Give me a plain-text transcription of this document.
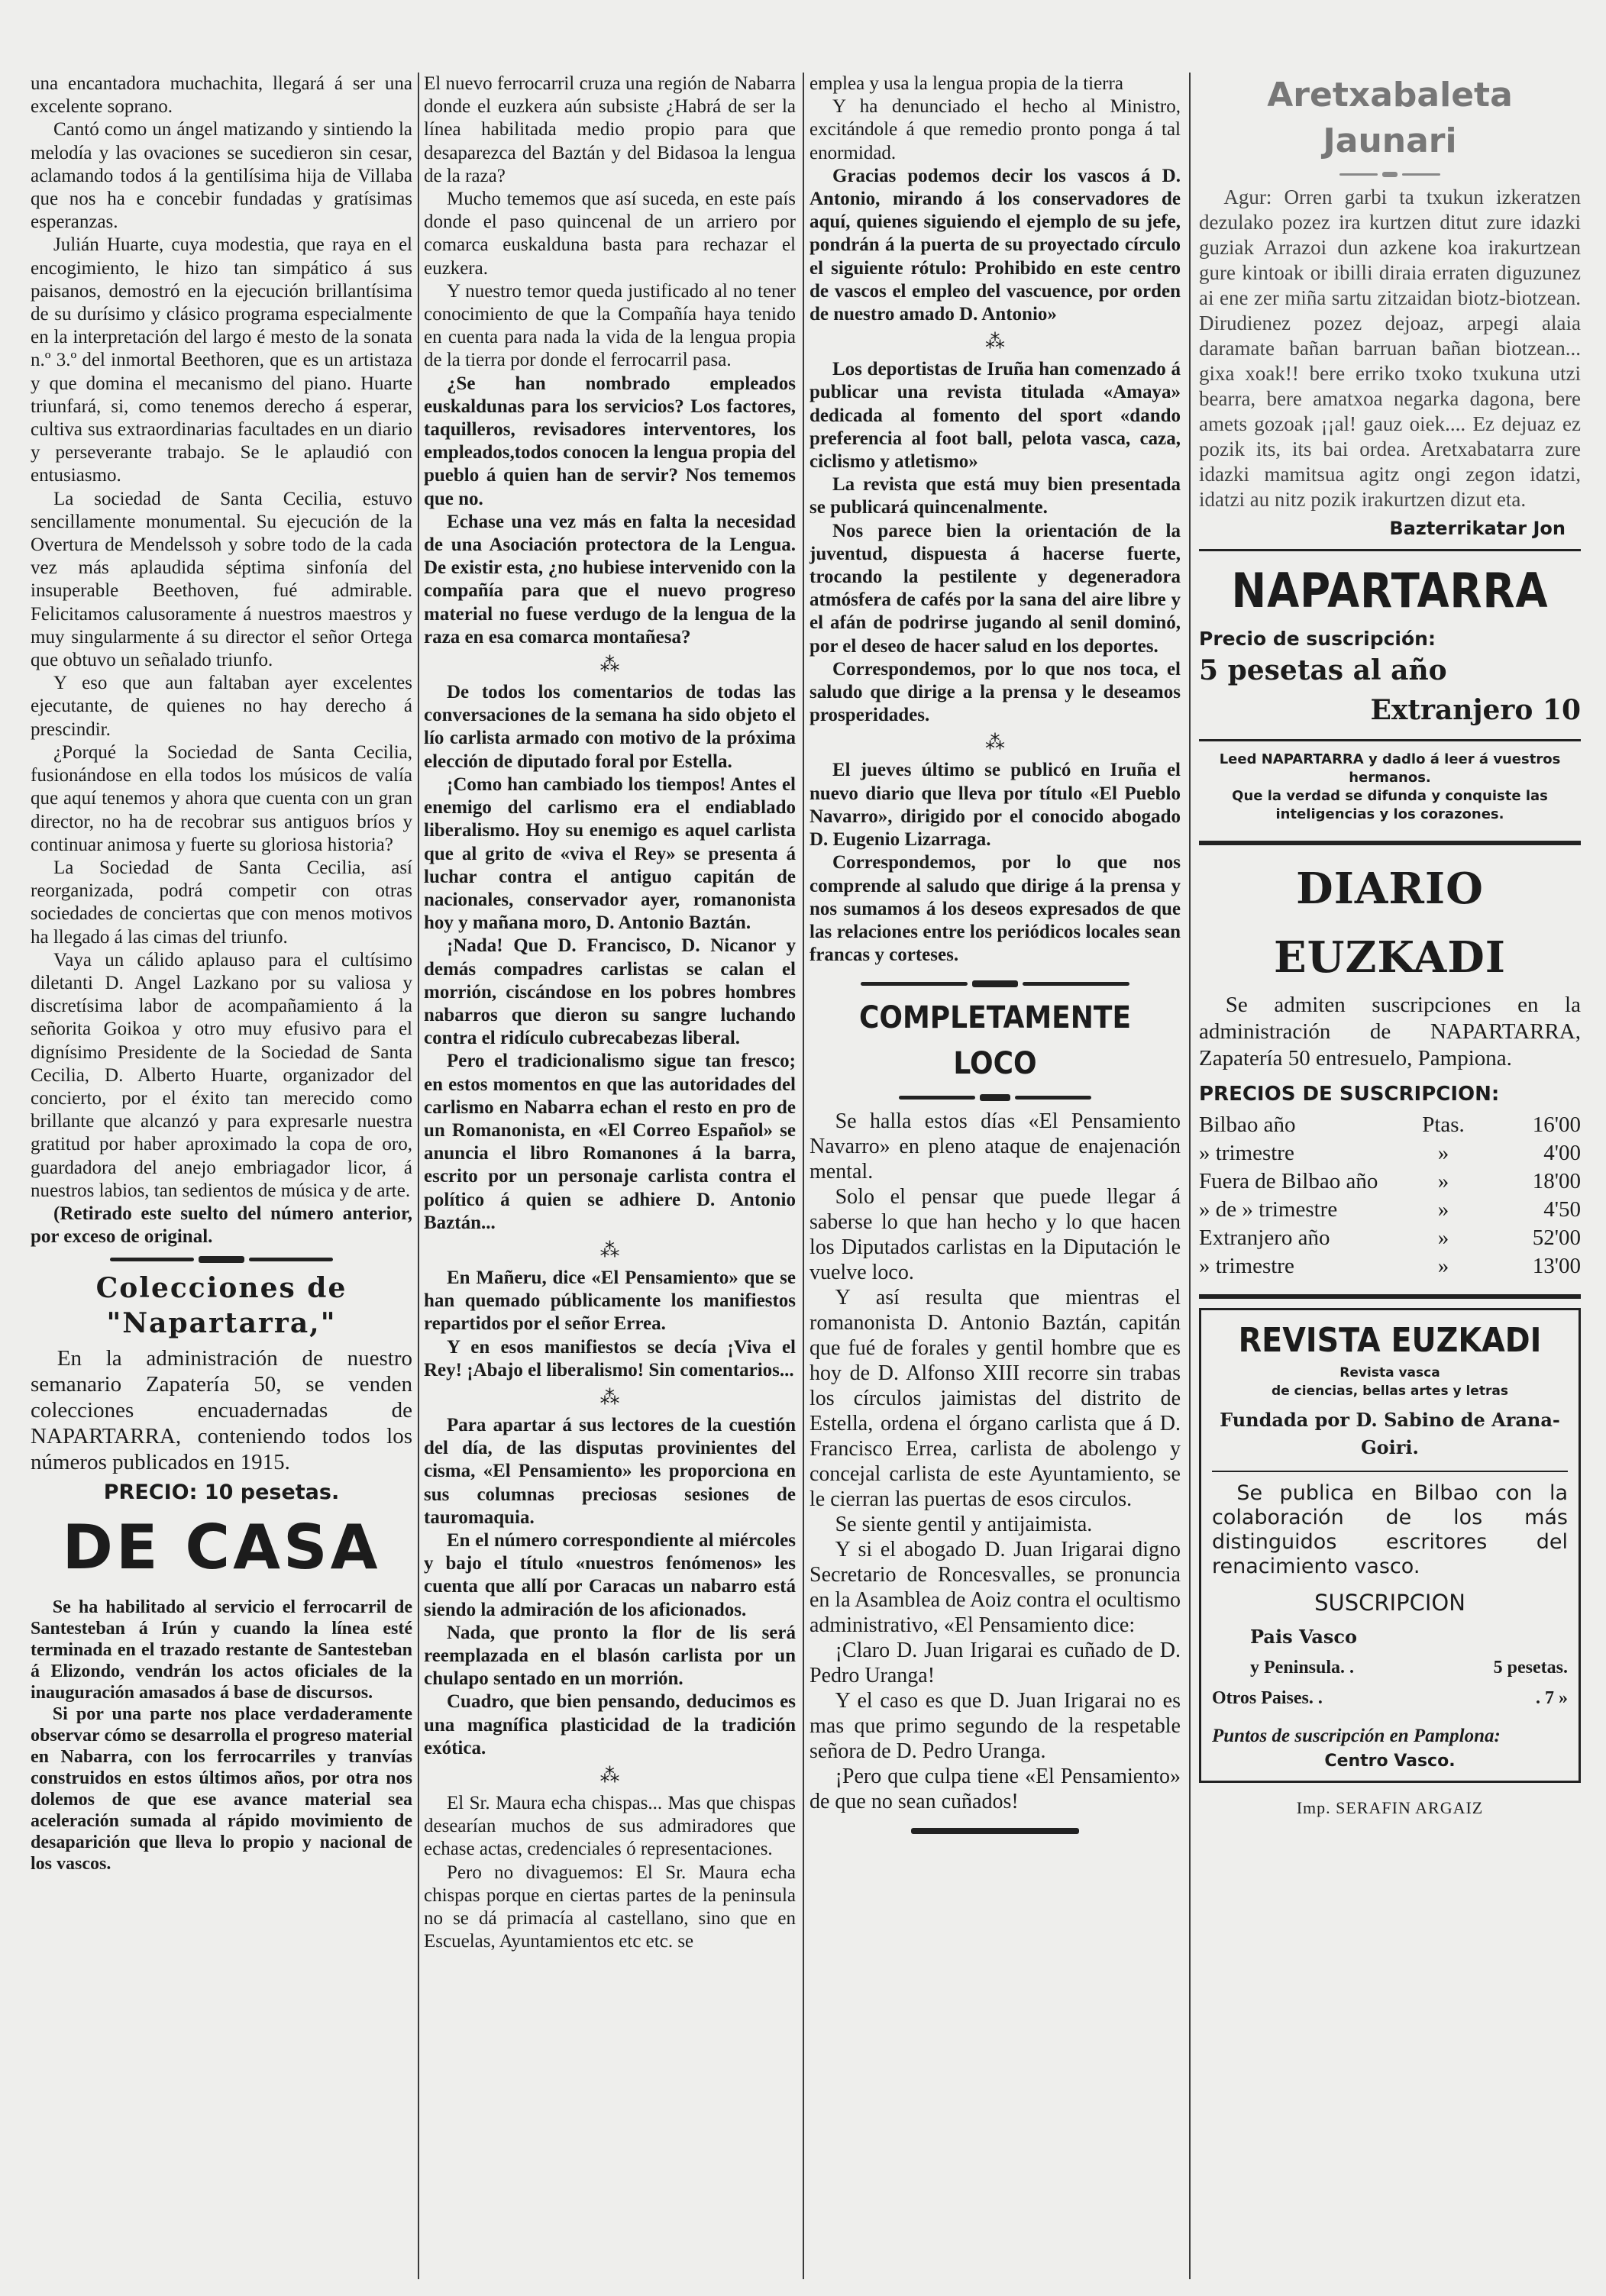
una encantadora muchachita, llegará á ser una excelente soprano.

Cantó como un ángel matizando y sintiendo la melodía y las ovaciones se sucedieron sin cesar, aclamando todos á la gentilísima hija de Villaba que nos ha e concebir fundadas y gratísimas esperanzas.

Julián Huarte, cuya modestia, que raya en el encogimiento, le hizo tan simpático á sus paisanos, demostró en la ejecución brillantísima de su durísimo y clásico programa especialmente en la interpretación del largo é mesto de la sonata n.º 3.º del inmortal Beethoren, que es un artistaza y que domina el mecanismo del piano. Huarte triunfará, si, como tenemos derecho á esperar, cultiva sus extraordinarias facultades en un diario y perseverante trabajo. Se le aplaudió con entusiasmo.

La sociedad de Santa Cecilia, estuvo sencillamente monumental. Su ejecución de la Overtura de Mendelssoh y sobre todo de la cada vez más aplaudida séptima sinfonía del insuperable Beethoven, fué admirable. Felicitamos calusoramente á nuestros maestros y muy singularmente á su director el señor Ortega que obtuvo un señalado triunfo.

Y eso que aun faltaban ayer excelentes ejecutante, de quienes no hay derecho á prescindir.

¿Porqué la Sociedad de Santa Cecilia, fusionándose en ella todos los músicos de valía que aquí tenemos y ahora que cuenta con un gran director, no ha de recobrar sus antiguos bríos y continuar animosa y fuerte su gloriosa historia?

La Sociedad de Santa Cecilia, así reorganizada, podrá competir con otras sociedades de conciertas que con menos motivos ha llegado á las cimas del triunfo.

Vaya un cálido aplauso para el cultísimo diletanti D. Angel Lazkano por su valiosa y discretísima labor de acompañamiento á la señorita Goikoa y otro muy efusivo para el dignísimo Presidente de la Sociedad de Santa Cecilia, D. Alberto Huarte, organizador del concierto, por el éxito tan merecido como brillante que alcanzó y para expresarle nuestra gratitud por haber aproximado la copa de oro, guardadora del anejo embriagador licor, á nuestros labios, tan sedientos de música y de arte.

(Retirado este suelto del número anterior, por exceso de original.

Colecciones de "Napartarra,"

En la administración de nuestro semanario Zapatería 50, se venden colecciones encuadernadas de NAPARTARRA, conteniendo todos los números publicados en 1915.

PRECIO: 10 pesetas.
DE CASA

Se ha habilitado al servicio el ferrocarril de Santesteban á Irún y cuando la línea esté terminada en el trazado restante de Santesteban á Elizondo, vendrán los actos oficiales de la inauguración amasados á base de discursos.

Si por una parte nos place verdaderamente observar cómo se desarrolla el progreso material en Nabarra, con los ferrocarriles y tranvías construidos en estos últimos años, por otra nos dolemos de que ese avance material sea aceleración sumada al rápido movimiento de desaparición que lleva lo propio y nacional de los vascos.

El nuevo ferrocarril cruza una región de Nabarra donde el euzkera aún subsiste ¿Habrá de ser la línea habilitada medio propio para que desaparezca del Baztán y del Bidasoa la lengua de la raza?

Mucho tememos que así suceda, en este país donde el paso quincenal de un arriero por comarca euskalduna basta para rechazar el euzkera.

Y nuestro temor queda justificado al no tener conocimiento de que la Compañía haya tenido en cuenta para nada la vida de la lengua propia de la tierra por donde el ferrocarril pasa.

¿Se han nombrado empleados euskaldunas para los servicios? Los factores, taquilleros, revisadores interventores, los empleados,todos conocen la lengua propia del pueblo á quien han de servir? Nos tememos que no.

Echase una vez más en falta la necesidad de una Asociación protectora de la Lengua. De existir esta, ¿no hubiese intervenido con la compañía para que el nuevo progreso material no fuese verdugo de la lengua de la raza en esa comarca montañesa?

⁂

De todos los comentarios de todas las conversaciones de la semana ha sido objeto el lío carlista armado con motivo de la próxima elección de diputado foral por Estella.

¡Como han cambiado los tiempos! Antes el enemigo del carlismo era el endiablado liberalismo. Hoy su enemigo es aquel carlista que al grito de «viva el Rey» se presenta á luchar contra el antiguo capitán de nacionales, conservador ayer, romanonista hoy y mañana moro, D. Antonio Baztán.

¡Nada! Que D. Francisco, D. Nicanor y demás compadres carlistas se calan el morrión, ciscándose en los pobres hombres nabarros que dieron su sangre luchando contra el ridículo cubrecabezas liberal.

Pero el tradicionalismo sigue tan fresco; en estos momentos en que las autoridades del carlismo en Nabarra echan el resto en pro de un Romanonista, en «El Correo Español» se anuncia el libro Romanones á la barra, escrito por un personaje carlista contra el político á quien se adhiere D. Antonio Baztán...

⁂

En Mañeru, dice «El Pensamiento» que se han quemado públicamente los manifiestos repartidos por el señor Errea.

Y en esos manifiestos se decía ¡Viva el Rey! ¡Abajo el liberalismo! Sin comentarios...

⁂

Para apartar á sus lectores de la cuestión del día, de las disputas provinientes del cisma, «El Pensamiento» les proporciona en sus columnas preciosas sesiones de tauromaquia.

En el número correspondiente al miércoles y bajo el título «nuestros fenómenos» les cuenta que allí por Caracas un nabarro está siendo la admiración de los aficionados.

Nada, que pronto la flor de lis será reemplazada en el blasón carlista por un chulapo sentado en un morrión.

Cuadro, que bien pensando, deducimos es una magnífica plasticidad de la tradición exótica.

⁂

El Sr. Maura echa chispas... Mas que chispas desearían muchos de sus admiradores que echase actas, credenciales ó representaciones.

Pero no divaguemos: El Sr. Maura echa chispas porque en ciertas partes de la peninsula no se dá primacía al castellano, sino que en Escuelas, Ayuntamientos etc etc. se

emplea y usa la lengua propia de la tierra

Y ha denunciado el hecho al Ministro, excitándole á que remedio pronto ponga á tal enormidad.

Gracias podemos decir los vascos á D. Antonio, mirando á los conservadores de aquí, quienes siguiendo el ejemplo de su jefe, pondrán á la puerta de su proyectado círculo el siguiente rótulo: Prohibido en este centro de vascos el empleo del vascuence, por orden de nuestro amado D. Antonio»

⁂

Los deportistas de Iruña han comenzado á publicar una revista titulada «Amaya» dedicada al fomento del sport «dando preferencia al foot ball, pelota vasca, caza, ciclismo y atletismo»

La revista que está muy bien presentada se publicará quincenalmente.

Nos parece bien la orientación de la juventud, dispuesta á hacerse fuerte, trocando la pestilente y degeneradora atmósfera de cafés por la sana del aire libre y el afán de podrirse jugando al senil dominó, por el deseo de hacer salud en los deportes.

Correspondemos, por lo que nos toca, el saludo que dirige a la prensa y le deseamos prosperidades.

⁂

El jueves último se publicó en Iruña el nuevo diario que lleva por título «El Pueblo Navarro», dirigido por el conocido abogado D. Eugenio Lizarraga.

Correspondemos, por lo que nos comprende al saludo que dirige á la prensa y nos sumamos á los deseos expresados de que las relaciones entre los periódicos locales sean francas y corteses.

COMPLETAMENTE LOCO

Se halla estos días «El Pensamiento Navarro» en pleno ataque de enajenación mental.

Solo el pensar que puede llegar á saberse lo que han hecho y lo que hacen los Diputados carlistas en la Diputación le vuelve loco.

Y así resulta que mientras el romanonista D. Antonio Baztán, capitán que fué de forales y gentil hombre que es hoy de D. Alfonso XIII recorre sin trabas los círculos jaimistas del distrito de Estella, ordena el órgano carlista que á D. Francisco Errea, carlista de abolengo y concejal carlista de este Ayuntamiento, se le cierran las puertas de esos circulos.

Se siente gentil y antijaimista.

Y si el abogado D. Juan Irigarai digno Secretario de Roncesvalles, se pronuncia en la Asamblea de Aoiz contra el ocultismo administrativo, «El Pensamiento dice:

¡Claro D. Juan Irigarai es cuñado de D. Pedro Uranga!

Y el caso es que D. Juan Irigarai no es mas que primo segundo de la respetable señora de D. Pedro Uranga.

¡Pero que culpa tiene «El Pensamiento» de que no sean cuñados!

Aretxabaleta Jaunari

Agur: Orren garbi ta txukun izkeratzen dezulako pozez ira kurtzen ditut zure idazki guziak Arrazoi dun azkene koa irakurtzean gure kintoak or ibilli diraia erraten diguzunez ai ene zer miña sartu zitzaidan biotz-biotzean. Dirudienez pozez dejoaz, arpegi alaia daramate bañan barruan bañan biotzean... gixa xoak!! bere erriko txoko txukuna utzi bearra, bere amatxoa negarka dagona, bere amets gozoak ¡¡al! gauz oiek.... Ez dejuaz ez pozik its, its bai ordea. Aretxabatarra zure idazki mamitsua agitz ongi zegon idatzi, idatzi au nitz pozik irakurtzen dizut eta.

Bazterrikatar Jon
NAPARTARRA
Precio de suscripción:
5 pesetas al año
Extranjero 10
Leed NAPARTARRA y dadlo á leer á vuestros hermanos.
Que la verdad se difunda y conquiste las inteligencias y los corazones.
DIARIO EUZKADI

Se admiten suscripciones en la administración de NAPARTARRA, Zapatería 50 entresuelo, Pampiona.

PRECIOS DE SUSCRIPCION:
Bilbao año	Ptas.	16'00
» trimestre	»	4'00
Fuera de Bilbao año	»	18'00
» de » trimestre	»	4'50
Extranjero año	»	52'00
» trimestre	»	13'00
REVISTA EUZKADI
Revista vasca
de ciencias, bellas artes y letras
Fundada por D. Sabino de Arana-Goiri.

Se publica en Bilbao con la colaboración de los más distinguidos escritores del renacimiento vasco.

SUSCRIPCION
Pais Vasco
y Peninsula. .	5 pesetas.
Otros Paises. .	. 7 »
Puntos de suscripción en Pamplona:
Centro Vasco.
Imp. SERAFIN ARGAIZ
